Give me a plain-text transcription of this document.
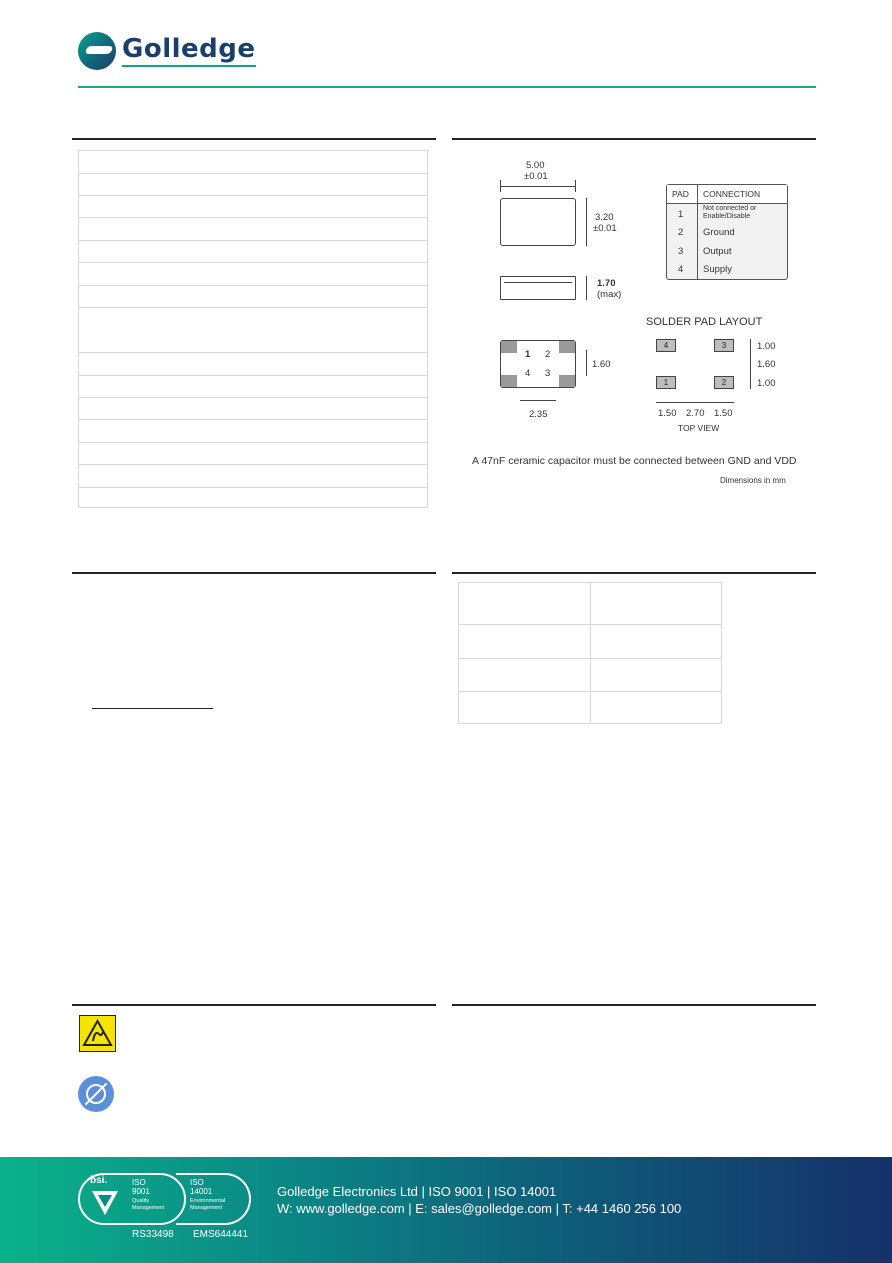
Golledge
5.00
±0.01
3.20
±0.01
1.70
(max)
1 2
4 3
1.60
2.35
PAD CONNECTION
1
Not connected or
Enable/Disable
2 Ground
3 Output
4 Supply
SOLDER PAD LAYOUT
4	3
1	2
1.00
1.60
1.00
1.50 2.70 1.50
TOP VIEW
A 47nF ceramic capacitor must be connected between GND and VDD
Dimensions in mm
bsi.	ISO
9001
Quality
Management
ISO
14001
Environmental
Management
RS33498 EMS644441
Golledge Electronics Ltd | ISO 9001 | ISO 14001
W: www.golledge.com | E: sales@golledge.com | T: +44 1460 256 100
